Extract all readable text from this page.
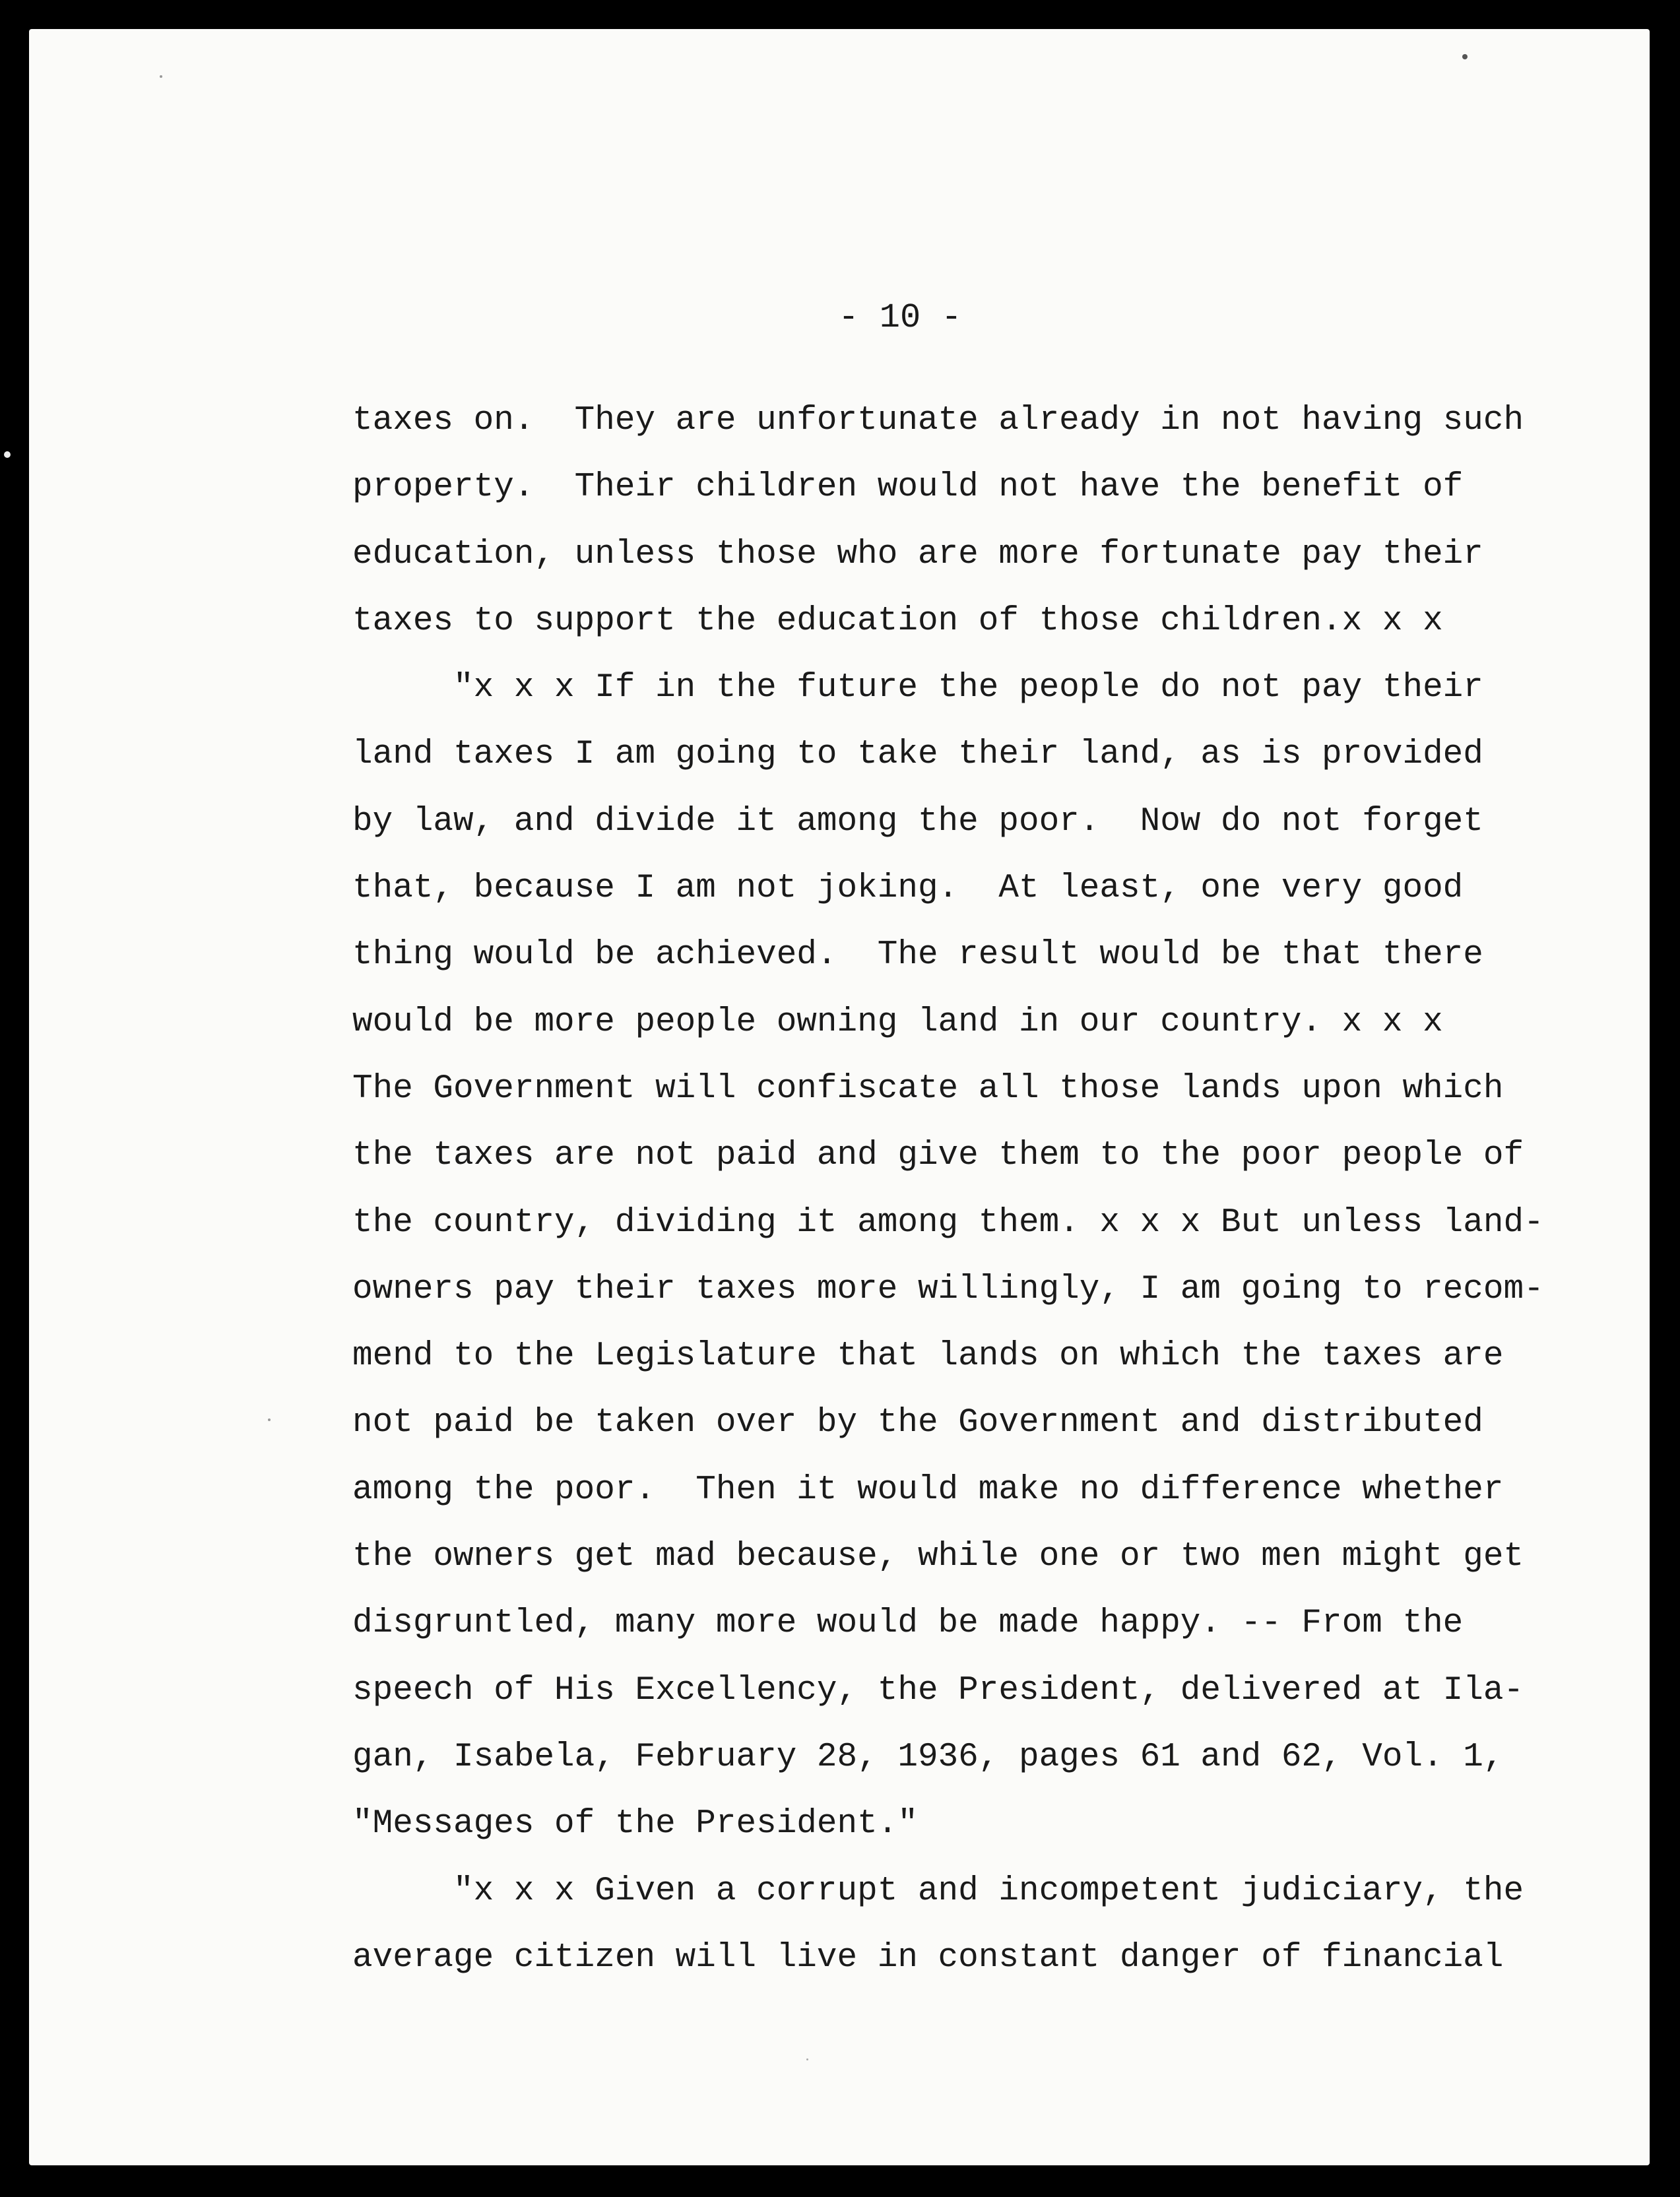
- 10 -
taxes on.  They are unfortunate already in not having such
property.  Their children would not have the benefit of
education, unless those who are more fortunate pay their
taxes to support the education of those children.x x x
"x x x If in the future the people do not pay their
land taxes I am going to take their land, as is provided
by law, and divide it among the poor.  Now do not forget
that, because I am not joking.  At least, one very good
thing would be achieved.  The result would be that there
would be more people owning land in our country. x x x
The Government will confiscate all those lands upon which
the taxes are not paid and give them to the poor people of
the country, dividing it among them. x x x But unless land-
owners pay their taxes more willingly, I am going to recom-
mend to the Legislature that lands on which the taxes are
not paid be taken over by the Government and distributed
among the poor.  Then it would make no difference whether
the owners get mad because, while one or two men might get
disgruntled, many more would be made happy. -- From the
speech of His Excellency, the President, delivered at Ila-
gan, Isabela, February 28, 1936, pages 61 and 62, Vol. 1,
"Messages of the President."
"x x x Given a corrupt and incompetent judiciary, the
average citizen will live in constant danger of financial
